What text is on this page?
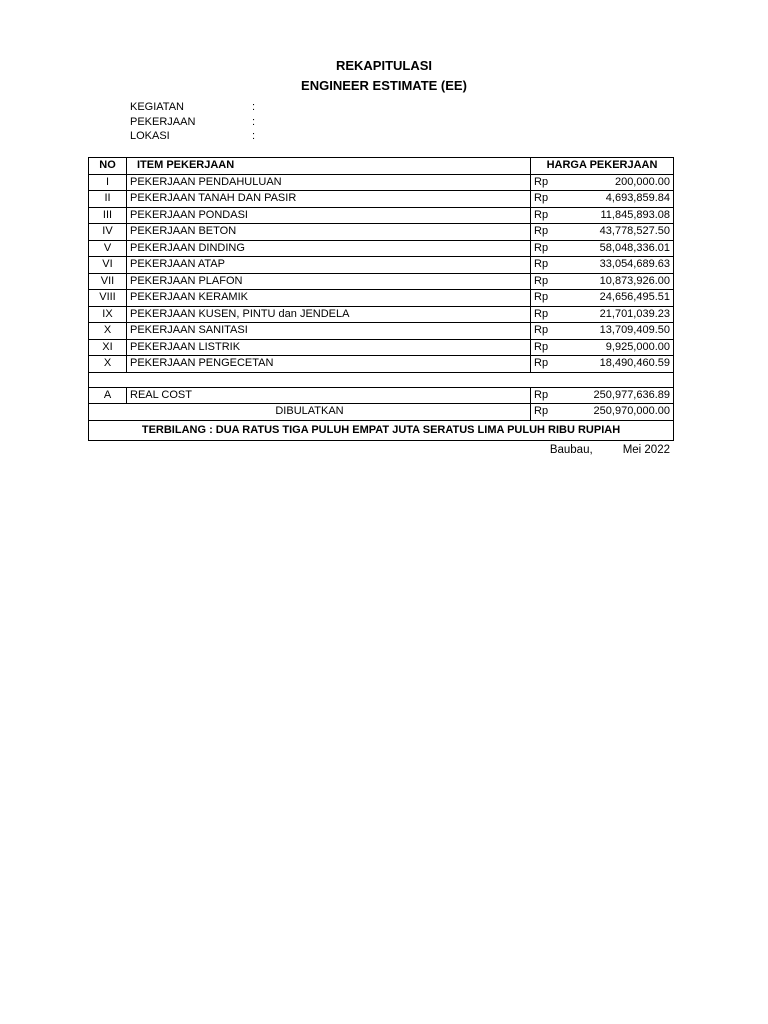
REKAPITULASI
ENGINEER ESTIMATE (EE)
KEGIATAN	:
PEKERJAAN	:
LOKASI	:
NO	ITEM PEKERJAAN	HARGA PEKERJAAN	
I	PEKERJAAN PENDAHULUAN	Rp	200,000.00
II	PEKERJAAN TANAH DAN PASIR	Rp	4,693,859.84
III	PEKERJAAN PONDASI	Rp	11,845,893.08
IV	PEKERJAAN BETON	Rp	43,778,527.50
V	PEKERJAAN DINDING	Rp	58,048,336.01
VI	PEKERJAAN ATAP	Rp	33,054,689.63
VII	PEKERJAAN PLAFON	Rp	10,873,926.00
VIII	PEKERJAAN KERAMIK	Rp	24,656,495.51
IX	PEKERJAAN KUSEN, PINTU dan JENDELA	Rp	21,701,039.23
X	PEKERJAAN SANITASI	Rp	13,709,409.50
XI	PEKERJAAN LISTRIK	Rp	9,925,000.00
X	PEKERJAAN PENGECETAN	Rp	18,490,460.59

A	REAL COST	Rp	250,977,636.89
DIBULATKAN		Rp	250,970,000.00
TERBILANG : DUA RATUS TIGA PULUH EMPAT JUTA SERATUS LIMA PULUH RIBU RUPIAH			
Baubau,	Mei 2022
